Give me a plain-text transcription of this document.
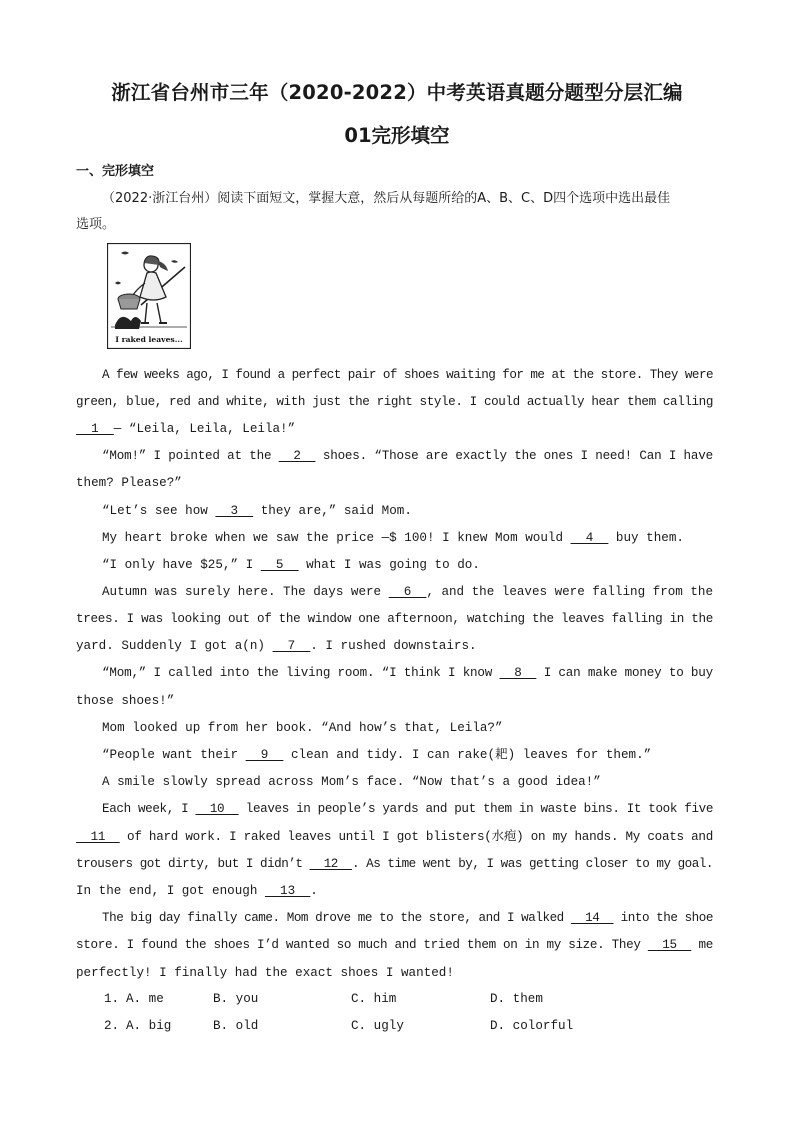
浙江省台州市三年（2020-2022）中考英语真题分题型分层汇编
01完形填空
一、完形填空
（2022·浙江台州）阅读下面短文，掌握大意，然后从每题所给的A、B、C、D四个选项中选出最佳
选项。
I raked leaves...
A few weeks ago, I found a perfect pair of shoes waiting for me at the store. They were
green, blue, red and white, with just the right style. I could actually hear them calling
1  — “Leila, Leila, Leila!”
“Mom!” I pointed at the   2   shoes. “Those are exactly the ones I need! Can I have
them? Please?”
“Let’s see how   3   they are,” said Mom.
My heart broke when we saw the price —$ 100! I knew Mom would   4   buy them.
“I only have $25,” I   5   what I was going to do.
Autumn was surely here. The days were   6  , and the leaves were falling from the
trees. I was looking out of the window one afternoon, watching the leaves falling in the
yard. Suddenly I got a(n)   7  . I rushed downstairs.
“Mom,” I called into the living room. “I think I know   8   I can make money to buy
those shoes!”
Mom looked up from her book. “And how’s that, Leila?”
“People want their   9   clean and tidy. I can rake(耙) leaves for them.”
A smile slowly spread across Mom’s face. “Now that’s a good idea!”
Each week, I   10   leaves in people’s yards and put them in waste bins. It took five
11   of hard work. I raked leaves until I got blisters(水疱) on my hands. My coats and
trousers got dirty, but I didn’t   12  . As time went by, I was getting closer to my goal.
In the end, I got enough   13  .
The big day finally came. Mom drove me to the store, and I walked   14   into the shoe
store. I found the shoes I’d wanted so much and tried them on in my size. They   15   me
perfectly! I finally had the exact shoes I wanted!
1. A. me	B. you	C. him	D. them
2. A. big	B. old	C. ugly	D. colorful
